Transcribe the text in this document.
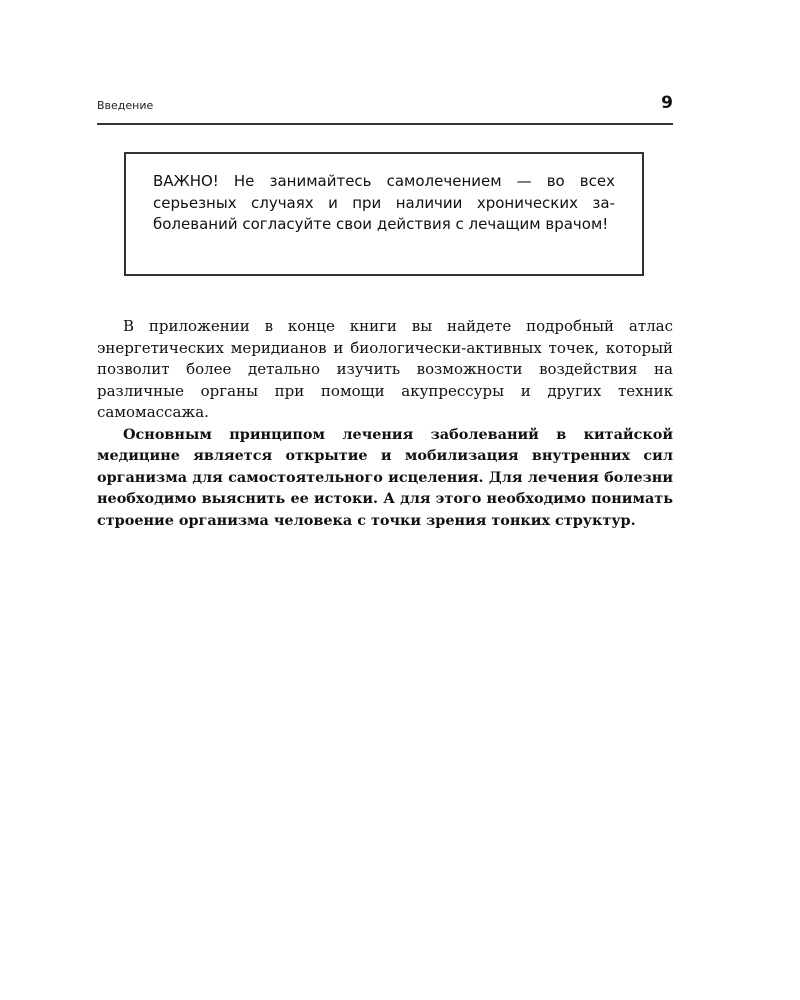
Введение	9

ВАЖНО! Не занимайтесь самолечением — во всех серьезных случаях и при наличии хронических заболеваний согласуйте свои действия с лечащим врачом!

В приложении в конце книги вы найдете подробный атлас энергетических меридианов и биологически-активных точек, который позволит более детально изучить возможности воздействия на различные органы при помощи акупрессуры и других техник самомассажа.

Основным принципом лечения заболеваний в китайской медицине является открытие и мобилизация внутренних сил организма для самостоятельного исцеления. Для лечения болезни необходимо выяснить ее истоки. А для этого необходимо понимать строение организма человека с точки зрения тонких структур.
